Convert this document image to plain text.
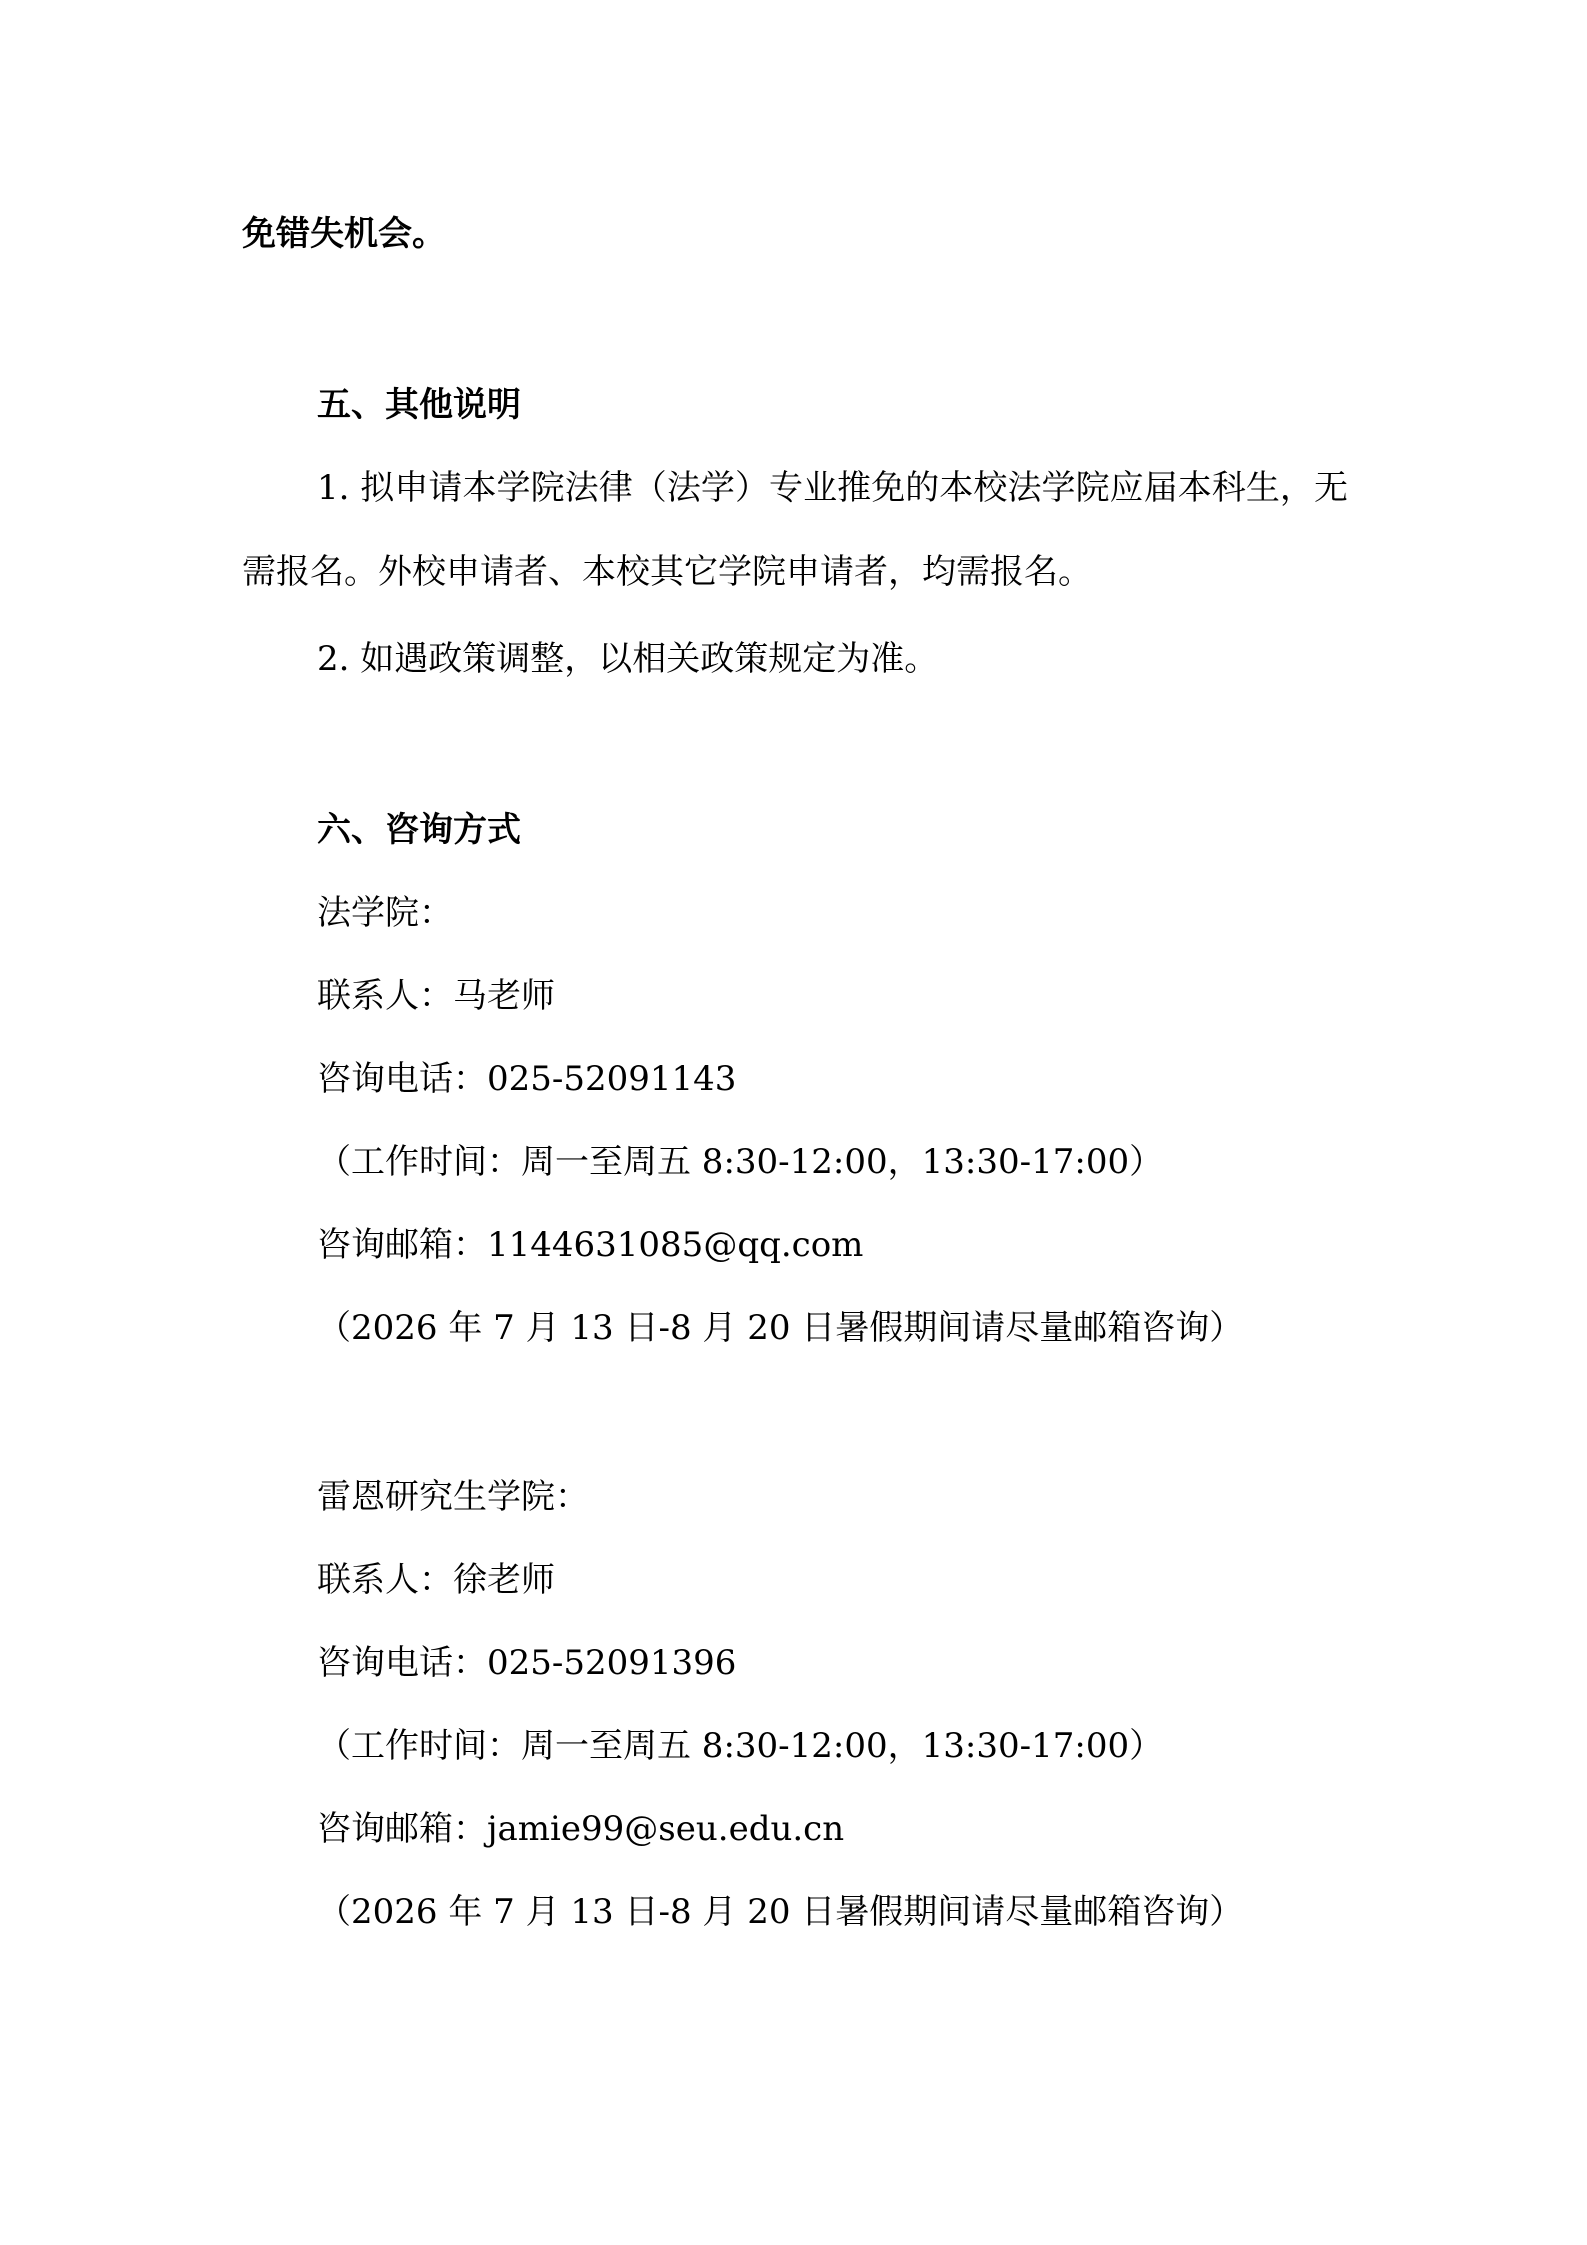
免错失机会。

五、其他说明

1. 拟申请本学院法律（法学）专业推免的本校法学院应届本科生，无需报名。外校申请者、本校其它学院申请者，均需报名。

2. 如遇政策调整，以相关政策规定为准。

六、咨询方式

法学院：

联系人：马老师

咨询电话：025-52091143

（工作时间：周一至周五 8:30-12:00，13:30-17:00）

咨询邮箱：1144631085@qq.com

（2026 年 7 月 13 日-8 月 20 日暑假期间请尽量邮箱咨询）

雷恩研究生学院：

联系人：徐老师

咨询电话：025-52091396

（工作时间：周一至周五 8:30-12:00，13:30-17:00）

咨询邮箱：jamie99@seu.edu.cn

（2026 年 7 月 13 日-8 月 20 日暑假期间请尽量邮箱咨询）
